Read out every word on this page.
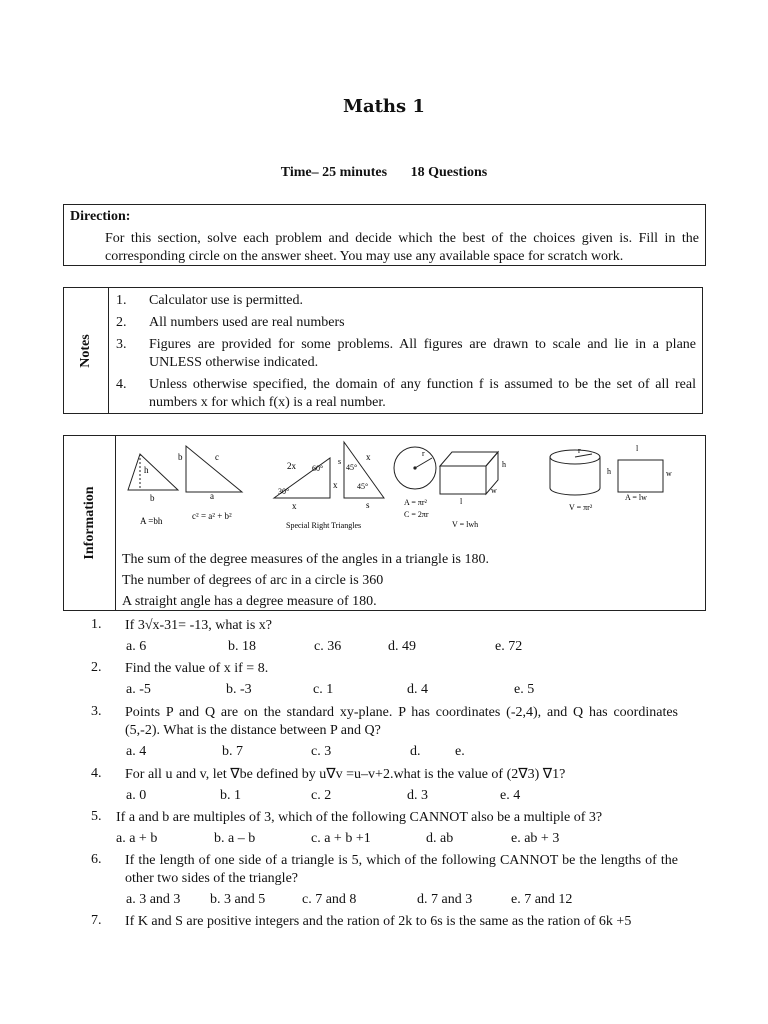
Maths 1
Time– 25 minutes 18 Questions
Direction:
For this section, solve each problem and decide which the best of the choices given is. Fill in the corresponding circle on the answer sheet. You may use any available space for scratch work.
Notes
1. Calculator use is permitted.
2. All numbers used are real numbers
3. Figures are provided for some problems. All figures are drawn to scale and lie in a plane UNLESS otherwise indicated.
4. Unless otherwise specified, the domain of any function f is assumed to be the set of all real numbers x for which f(x) is a real number.
Information
h
b
A =bh
b	c
a
c² = a² + b²
2x 60°
30°
x
x
s
45°
45°
x
s
Special Right Triangles
r
A = πr²
C = 2πr
h
w
l
V = lwh
r
h
V = πr²
l
w
A = lw
The sum of the degree measures of the angles in a triangle is 180.
The number of degrees of arc in a circle is 360
A straight angle has a degree measure of 180.
1. If 3√x-31= -13, what is x?
a. 6	b. 18	c. 36	d. 49	e. 72
2. Find the value of x if = 8.
a. -5	b. -3	c. 1	d. 4	e. 5
3. Points P and Q are on the standard xy-plane. P has coordinates (-2,4), and Q has coordinates (5,-2). What is the distance between P and Q?
a. 4	b. 7	c. 3	d. e.
4. For all u and v, let ∇be defined by u∇v =u–v+2.what is the value of (2∇3) ∇1?
a. 0	b. 1	c. 2	d. 3	e. 4
5. If a and b are multiples of 3, which of the following CANNOT also be a multiple of 3?
a. a + b	b. a – b	c. a + b +1	d. ab	e. ab + 3
6. If the length of one side of a triangle is 5, which of the following CANNOT be the lengths of the other two sides of the triangle?
a. 3 and 3 b. 3 and 5	c. 7 and 8	d. 7 and 3	e. 7 and 12
7. If K and S are positive integers and the ration of 2k to 6s is the same as the ration of 6k +5
